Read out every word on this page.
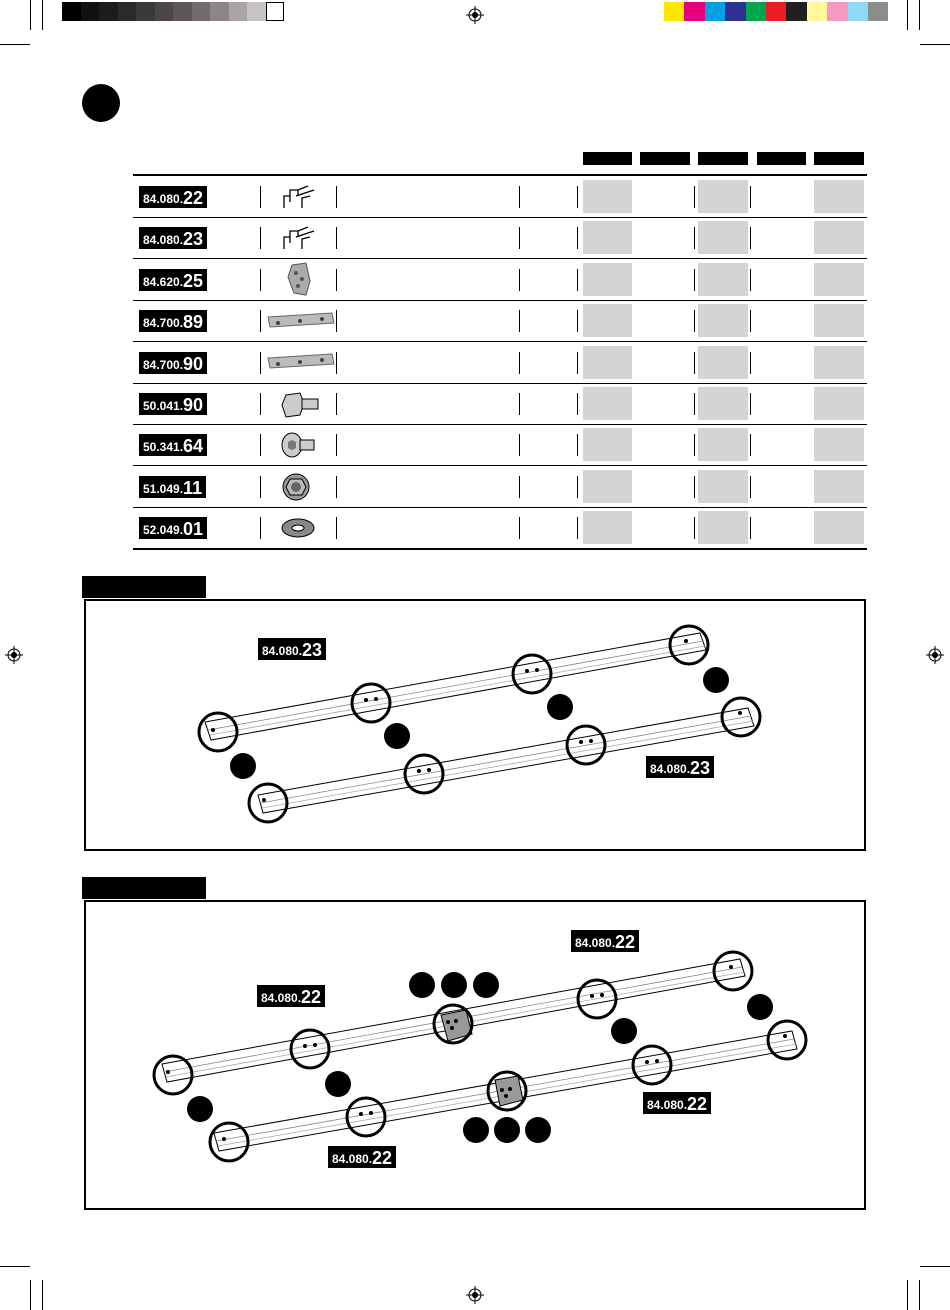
84.080. 22
84.080. 23
84.620. 25
84.700. 89
84.700. 90
50.041. 90
50.341. 64
51.049. 11
52.049. 01
84.080. 23
84.080. 23
84.080. 22
84.080. 22
84.080. 22
84.080. 22
